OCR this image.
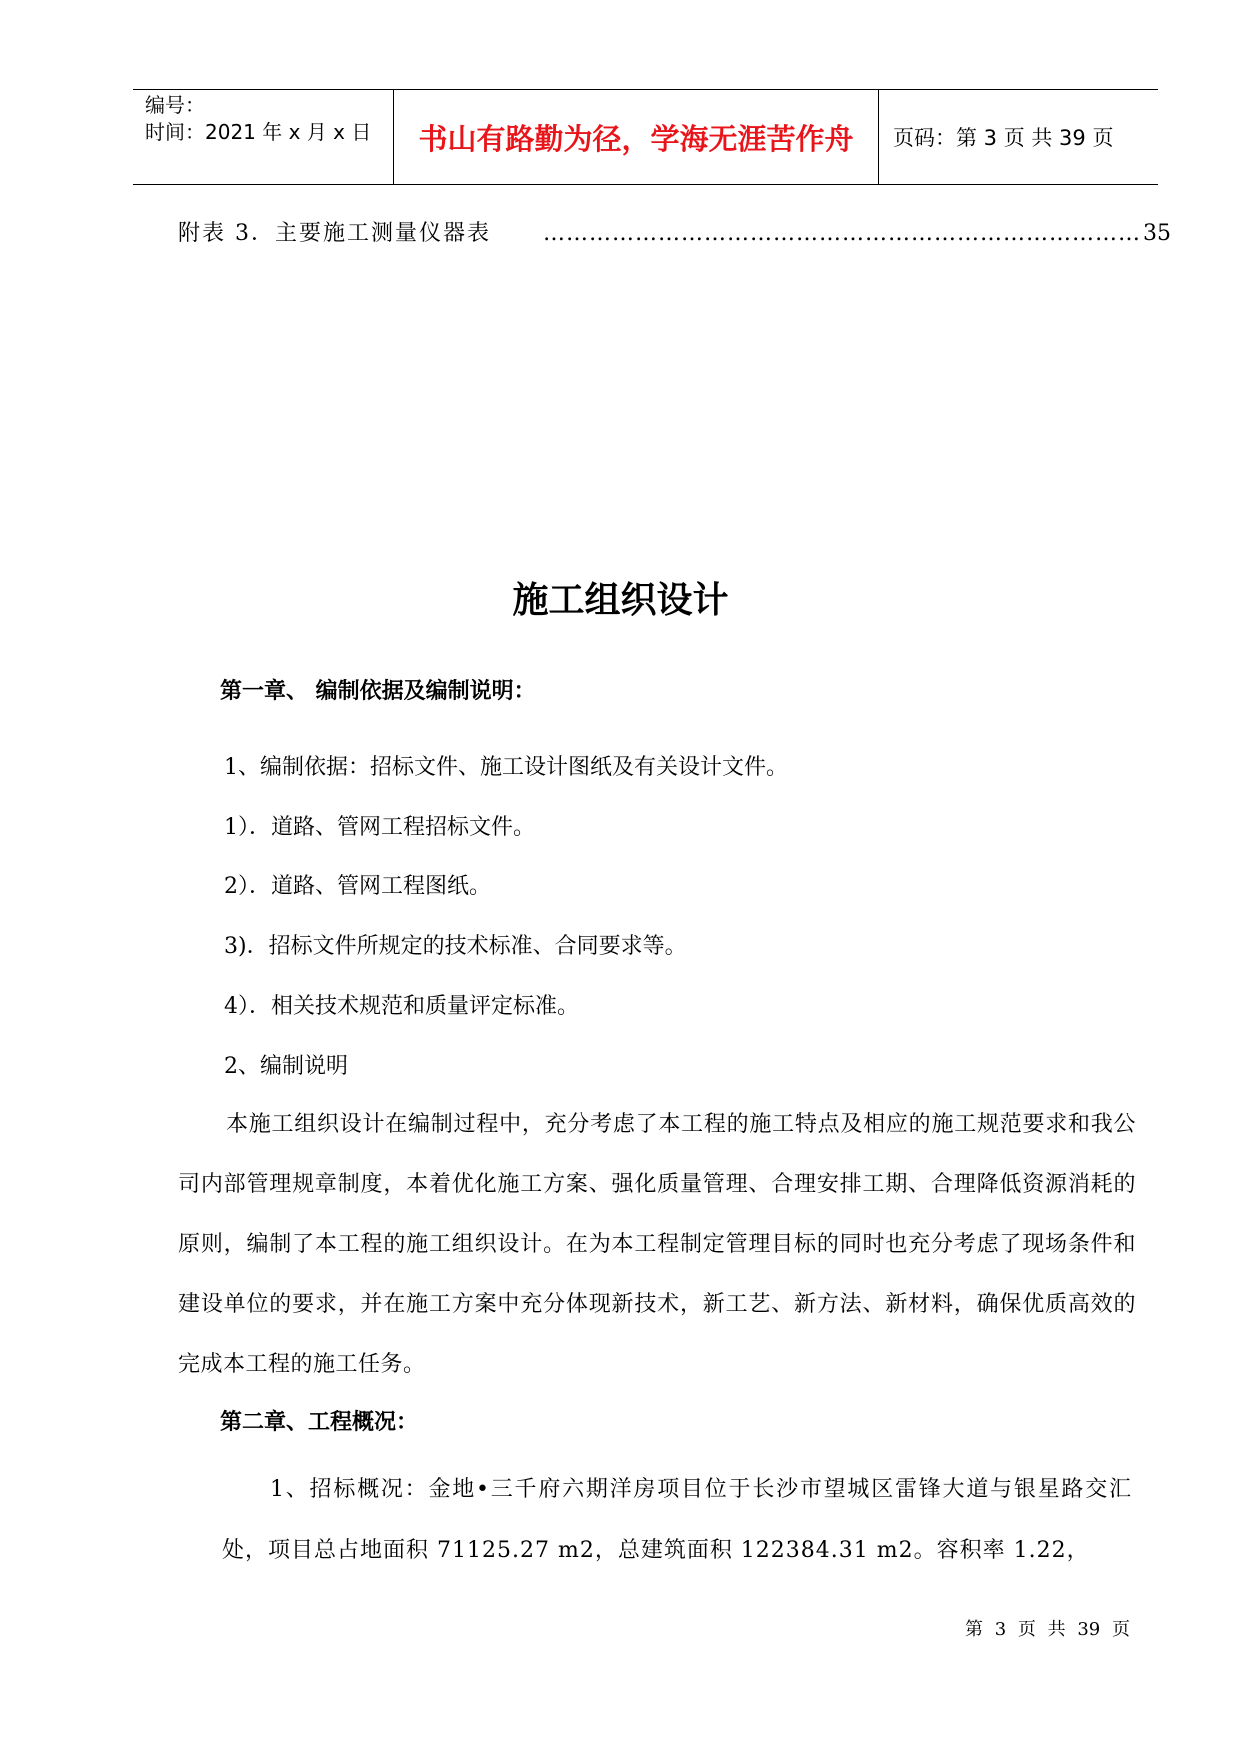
编号：
时间：2021 年 x 月 x 日	书山有路勤为径，学海无涯苦作舟	页码：第 3 页 共 39 页
附表 3．主要施工测量仪器表 …………………………………………………………………… 35
施工组织设计
第一章、 编制依据及编制说明：
1、编制依据：招标文件、施工设计图纸及有关设计文件。
1）．道路、管网工程招标文件。
2）．道路、管网工程图纸。
3)．招标文件所规定的技术标准、合同要求等。
4）．相关技术规范和质量评定标准。
2、编制说明
本施工组织设计在编制过程中，充分考虑了本工程的施工特点及相应的施工规范要求和我公司内部管理规章制度，本着优化施工方案、强化质量管理、合理安排工期、合理降低资源消耗的原则，编制了本工程的施工组织设计。在为本工程制定管理目标的同时也充分考虑了现场条件和建设单位的要求，并在施工方案中充分体现新技术，新工艺、新方法、新材料，确保优质高效的完成本工程的施工任务。
第二章、工程概况：
1、招标概况：金地•三千府六期洋房项目位于长沙市望城区雷锋大道与银星路交汇处，项目总占地面积 71125.27 m2，总建筑面积 122384.31 m2。容积率 1.22，
第 3 页 共 39 页
